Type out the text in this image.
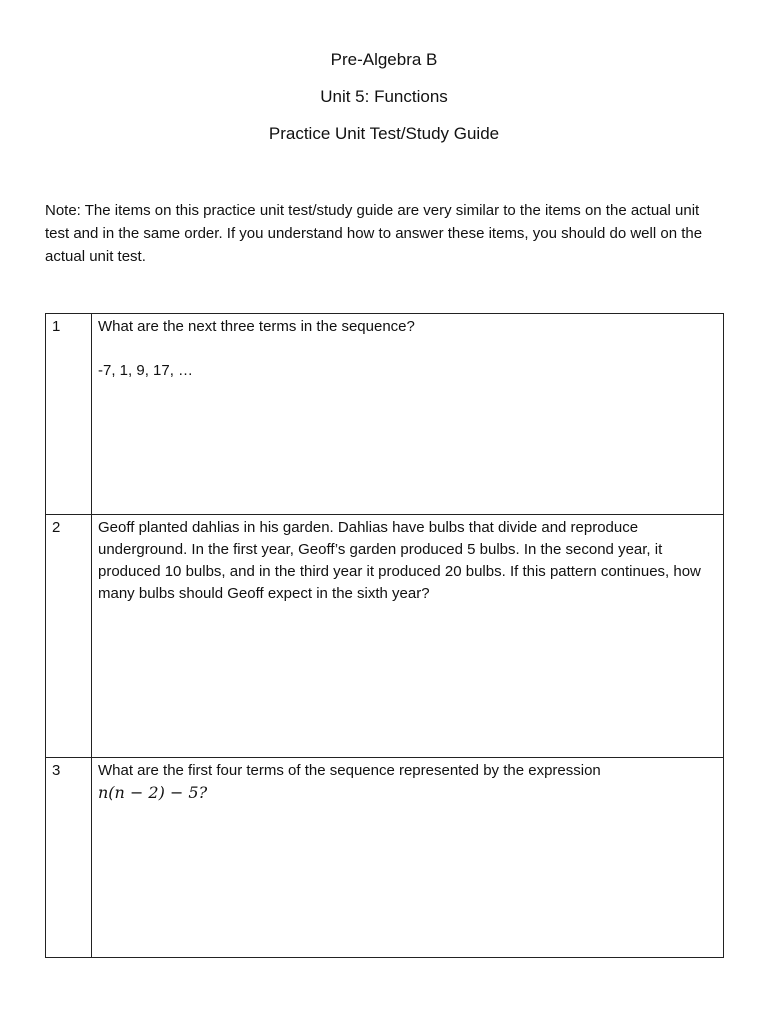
Pre-Algebra B
Unit 5: Functions
Practice Unit Test/Study Guide
Note: The items on this practice unit test/study guide are very similar to the items on the actual unit test and in the same order. If you understand how to answer these items, you should do well on the actual unit test.
1	What are the next three terms in the sequence?
-7, 1, 9, 17, …

2	Geoff planted dahlias in his garden. Dahlias have bulbs that divide and reproduce underground. In the first year, Geoff’s garden produced 5 bulbs. In the second year, it produced 10 bulbs, and in the third year it produced 20 bulbs. If this pattern continues, how many bulbs should Geoff expect in the sixth year?
3	What are the first four terms of the sequence represented by the expression
n(n − 2) − 5?
